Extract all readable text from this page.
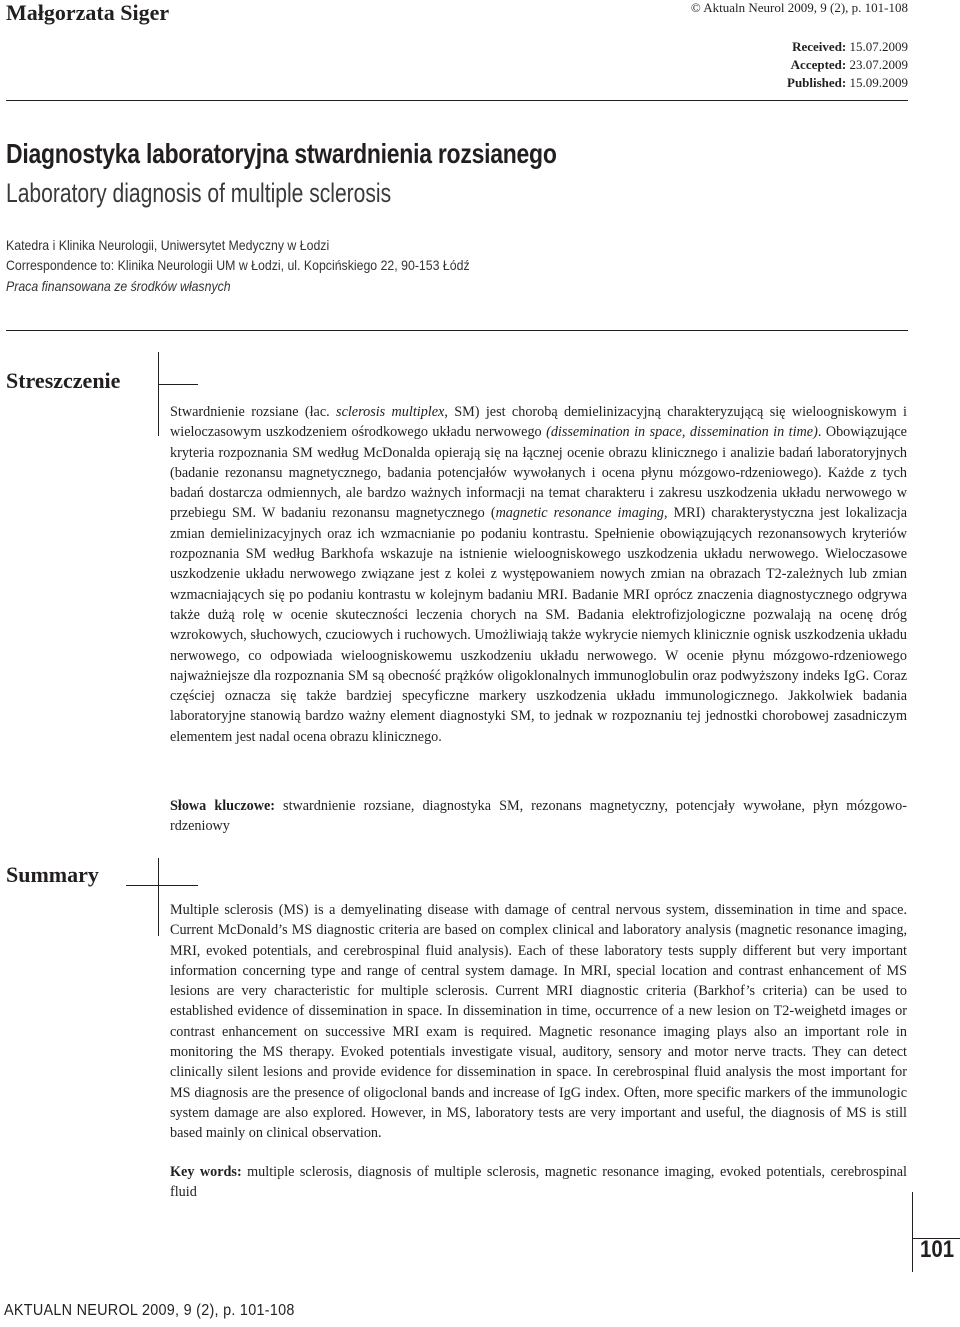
Małgorzata Siger	© Aktualn Neurol 2009, 9 (2), p. 101-108
Received: 15.07.2009
Accepted: 23.07.2009
Published: 15.09.2009
Diagnostyka laboratoryjna stwardnienia rozsianego
Laboratory diagnosis of multiple sclerosis
Katedra i Klinika Neurologii, Uniwersytet Medyczny w Łodzi
Correspondence to: Klinika Neurologii UM w Łodzi, ul. Kopcińskiego 22, 90-153 Łódź
Praca finansowana ze środków własnych
Streszczenie
Stwardnienie rozsiane (łac. sclerosis multiplex, SM) jest chorobą demielinizacyjną charakteryzującą się wieloogniskowym i wieloczasowym uszkodzeniem ośrodkowego układu nerwowego (dissemination in space, dissemination in time). Obowiązujące kryteria rozpoznania SM według McDonalda opierają się na łącznej ocenie obrazu klinicznego i analizie badań laboratoryjnych (badanie rezonansu magnetycznego, badania potencjałów wywołanych i ocena płynu mózgowo-rdzeniowego). Każde z tych badań dostarcza odmiennych, ale bardzo ważnych informacji na temat charakteru i zakresu uszkodzenia układu nerwowego w przebiegu SM. W badaniu rezonansu magnetycznego (magnetic resonance imaging, MRI) charakterystyczna jest lokalizacja zmian demielinizacyjnych oraz ich wzmacnianie po podaniu kontrastu. Spełnienie obowiązujących rezonansowych kryteriów rozpoznania SM według Barkhofa wskazuje na istnienie wieloogniskowego uszkodzenia układu nerwowego. Wieloczasowe uszkodzenie układu nerwowego związane jest z kolei z występowaniem nowych zmian na obrazach T2-zależnych lub zmian wzmacniających się po podaniu kontrastu w kolejnym badaniu MRI. Badanie MRI oprócz znaczenia diagnostycznego odgrywa także dużą rolę w ocenie skuteczności leczenia chorych na SM. Badania elektrofizjologiczne pozwalają na ocenę dróg wzrokowych, słuchowych, czuciowych i ruchowych. Umożliwiają także wykrycie niemych klinicznie ognisk uszkodzenia układu nerwowego, co odpowiada wieloogniskowemu uszkodzeniu układu nerwowego. W ocenie płynu mózgowo-rdzeniowego najważniejsze dla rozpoznania SM są obecność prążków oligoklonalnych immunoglobulin oraz podwyższony indeks IgG. Coraz częściej oznacza się także bardziej specyficzne markery uszkodzenia układu immunologicznego. Jakkolwiek badania laboratoryjne stanowią bardzo ważny element diagnostyki SM, to jednak w rozpoznaniu tej jednostki chorobowej zasadniczym elementem jest nadal ocena obrazu klinicznego.
Słowa kluczowe: stwardnienie rozsiane, diagnostyka SM, rezonans magnetyczny, potencjały wywołane, płyn mózgowo-rdzeniowy
Summary
Multiple sclerosis (MS) is a demyelinating disease with damage of central nervous system, dissemination in time and space. Current McDonald’s MS diagnostic criteria are based on complex clinical and laboratory analysis (magnetic resonance imaging, MRI, evoked potentials, and cerebrospinal fluid analysis). Each of these laboratory tests supply different but very important information concerning type and range of central system damage. In MRI, special location and contrast enhancement of MS lesions are very characteristic for multiple sclerosis. Current MRI diagnostic criteria (Barkhof’s criteria) can be used to established evidence of dissemination in space. In dissemination in time, occurrence of a new lesion on T2-weighetd images or contrast enhancement on successive MRI exam is required. Magnetic resonance imaging plays also an important role in monitoring the MS therapy. Evoked potentials investigate visual, auditory, sensory and motor nerve tracts. They can detect clinically silent lesions and provide evidence for dissemination in space. In cerebrospinal fluid analysis the most important for MS diagnosis are the presence of oligoclonal bands and increase of IgG index. Often, more specific markers of the immunologic system damage are also explored. However, in MS, laboratory tests are very important and useful, the diagnosis of MS is still based mainly on clinical observation.
Key words: multiple sclerosis, diagnosis of multiple sclerosis, magnetic resonance imaging, evoked potentials, cerebrospinal fluid
101
AKTUALN NEUROL 2009, 9 (2), p. 101-108
